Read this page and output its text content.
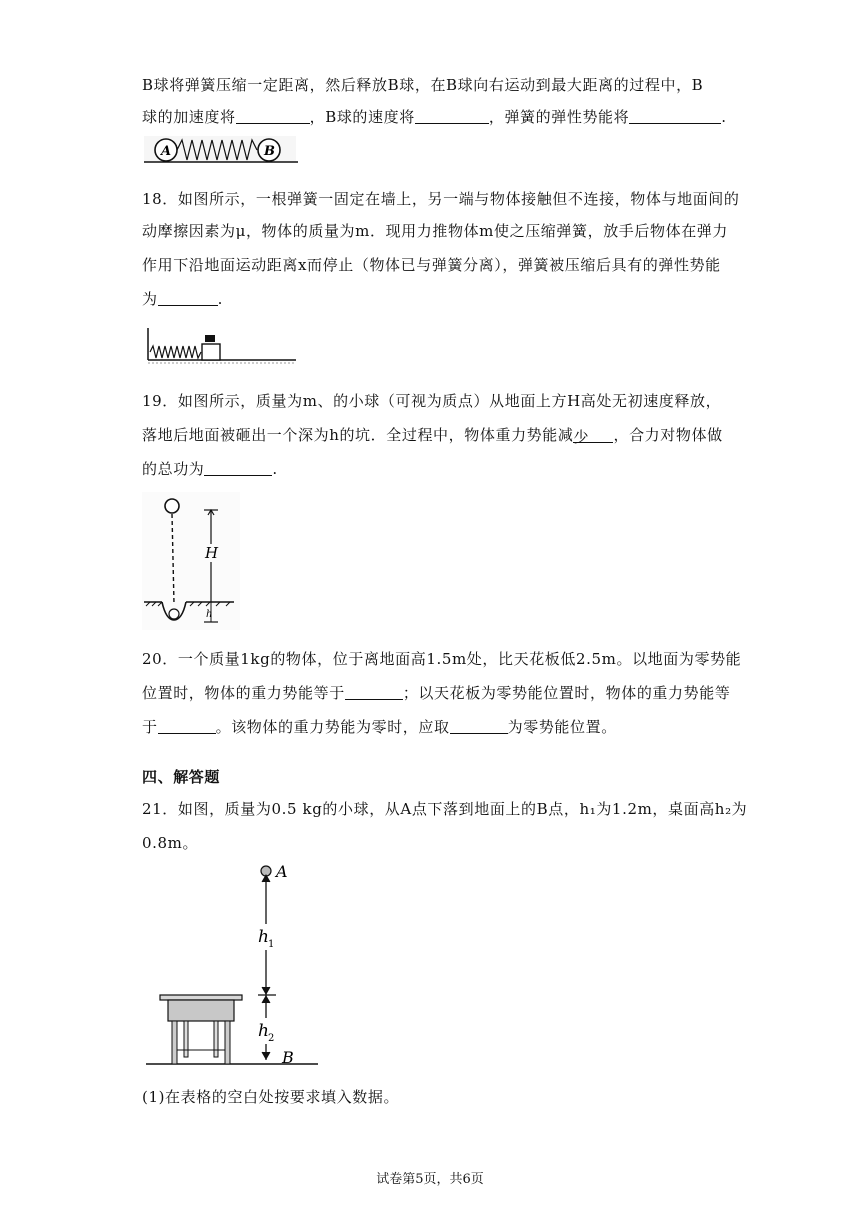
B球将弹簧压缩一定距离，然后释放B球，在B球向右运动到最大距离的过程中，B
球的加速度将	，B球的速度将	，弹簧的弹性势能将	.
A	B
18．如图所示，一根弹簧一固定在墙上，另一端与物体接触但不连接，物体与地面间的
动摩擦因素为μ，物体的质量为m．现用力推物体m使之压缩弹簧，放手后物体在弹力
作用下沿地面运动距离x而停止（物体已与弹簧分离），弹簧被压缩后具有的弹性势能
为	.
19．如图所示，质量为m、的小球（可视为质点）从地面上方H高处无初速度释放，
落地后地面被砸出一个深为h的坑．全过程中，物体重力势能减少 ，合力对物体做
的总功为	.
H
h
20．一个质量1kg的物体，位于离地面高1.5m处，比天花板低2.5m。以地面为零势能
位置时，物体的重力势能等于	；以天花板为零势能位置时，物体的重力势能等
于	。该物体的重力势能为零时，应取	为零势能位置。
四、解答题
21．如图，质量为0.5 kg的小球，从A点下落到地面上的B点，h₁为1.2m，桌面高h₂为
0.8m。
A
h 1
h 2
B
(1)在表格的空白处按要求填入数据。
试卷第5页，共6页
